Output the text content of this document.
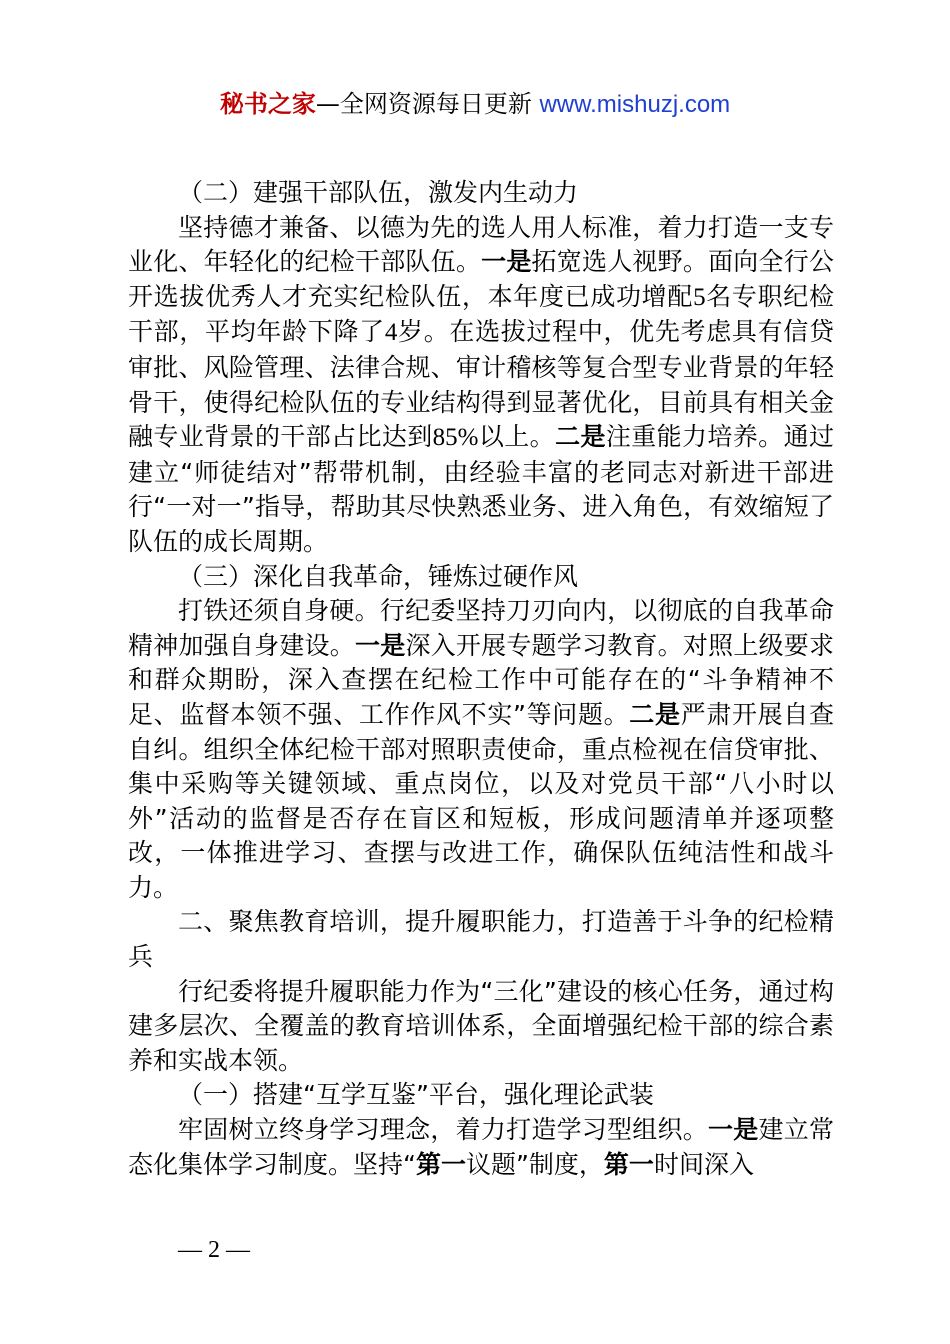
秘书之家—全网资源每日更新 www.mishuzj.com

（二）建强干部队伍，激发内生动力

坚持德才兼备、以德为先的选人用人标准，着力打造一支专业化、年轻化的纪检干部队伍。一是拓宽选人视野。面向全行公开选拔优秀人才充实纪检队伍，本年度已成功增配5名专职纪检干部，平均年龄下降了4岁。在选拔过程中，优先考虑具有信贷审批、风险管理、法律合规、审计稽核等复合型专业背景的年轻骨干，使得纪检队伍的专业结构得到显著优化，目前具有相关金融专业背景的干部占比达到85%以上。二是注重能力培养。通过建立“师徒结对”帮带机制，由经验丰富的老同志对新进干部进行“一对一”指导，帮助其尽快熟悉业务、进入角色，有效缩短了队伍的成长周期。

（三）深化自我革命，锤炼过硬作风

打铁还须自身硬。行纪委坚持刀刃向内，以彻底的自我革命精神加强自身建设。一是深入开展专题学习教育。对照上级要求和群众期盼，深入查摆在纪检工作中可能存在的“斗争精神不足、监督本领不强、工作作风不实”等问题。二是严肃开展自查自纠。组织全体纪检干部对照职责使命，重点检视在信贷审批、集中采购等关键领域、重点岗位，以及对党员干部“八小时以外”活动的监督是否存在盲区和短板，形成问题清单并逐项整改，一体推进学习、查摆与改进工作，确保队伍纯洁性和战斗力。

二、聚焦教育培训，提升履职能力，打造善于斗争的纪检精兵

行纪委将提升履职能力作为“三化”建设的核心任务，通过构建多层次、全覆盖的教育培训体系，全面增强纪检干部的综合素养和实战本领。

（一）搭建“互学互鉴”平台，强化理论武装

牢固树立终身学习理念，着力打造学习型组织。一是建立常态化集体学习制度。坚持“第一议题”制度，第一时间深入

— 2 —
